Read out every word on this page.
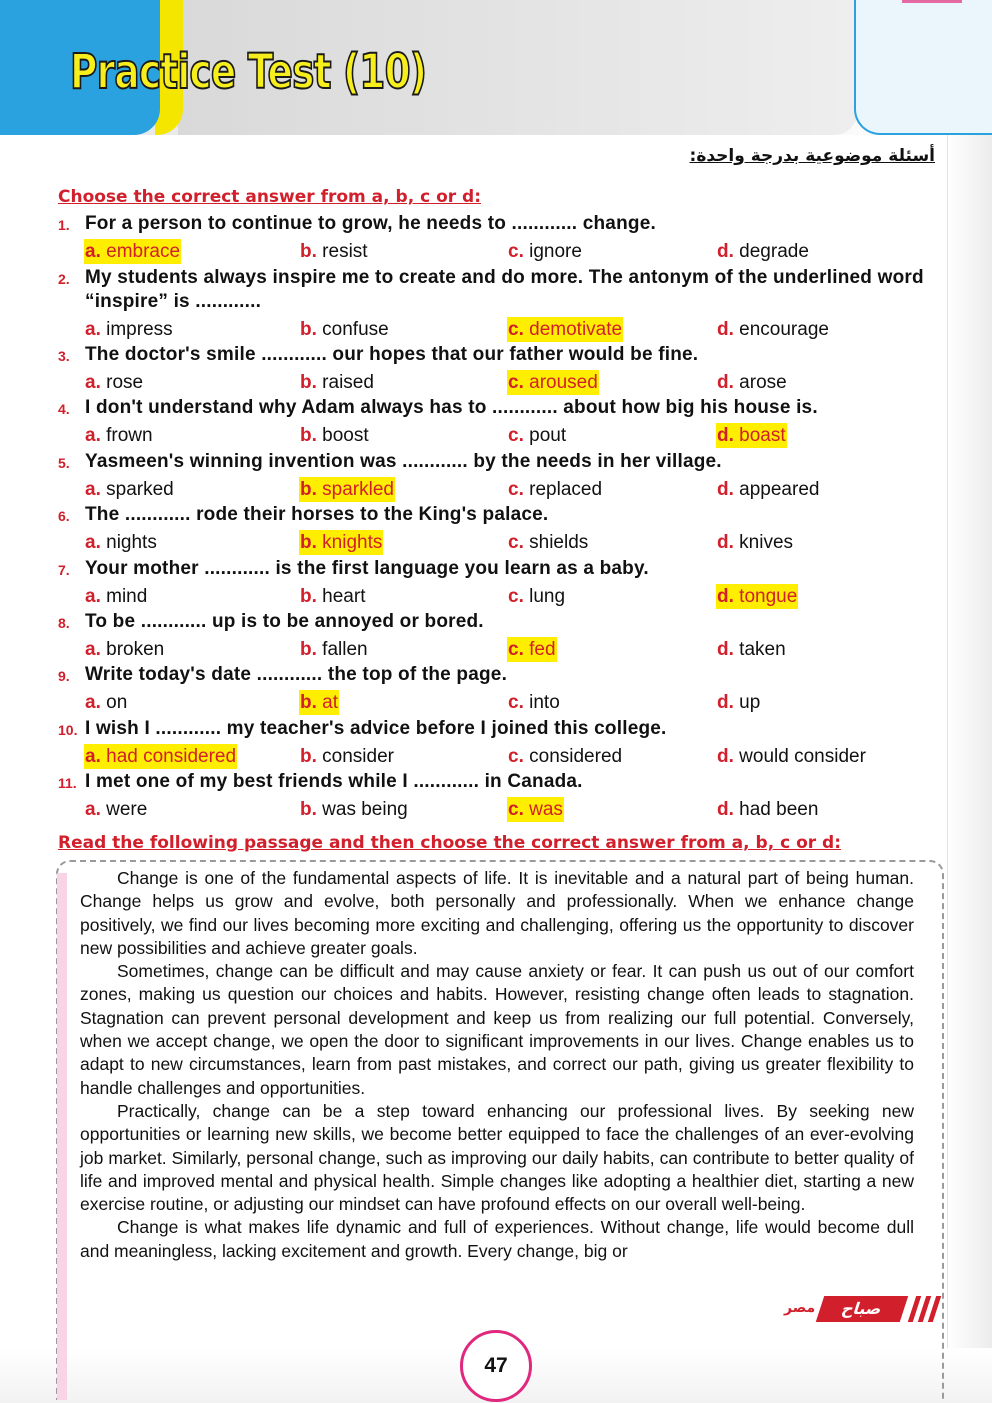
Practice Test (10)
أسئلة موضوعية بدرجة واحدة:
Choose the correct answer from a, b, c or d:
1. For a person to continue to grow, he needs to ............ change.
a. embrace	b. resist	c. ignore	d. degrade
2. My students always inspire me to create and do more. The antonym of the underlined word “inspire” is ............
a. impress	b. confuse	c. demotivate	d. encourage
3. The doctor's smile ............ our hopes that our father would be fine.
a. rose	b. raised	c. aroused	d. arose
4. I don't understand why Adam always has to ............ about how big his house is.
a. frown	b. boost	c. pout	d. boast
5. Yasmeen's winning invention was ............ by the needs in her village.
a. sparked	b. sparkled	c. replaced	d. appeared
6. The ............ rode their horses to the King's palace.
a. nights	b. knights	c. shields	d. knives
7. Your mother ............ is the first language you learn as a baby.
a. mind	b. heart	c. lung	d. tongue
8. To be ............ up is to be annoyed or bored.
a. broken	b. fallen	c. fed	d. taken
9. Write today's date ............ the top of the page.
a. on	b. at	c. into	d. up
10. I wish I ............ my teacher's advice before I joined this college.
a. had considered	b. consider	c. considered	d. would consider
11. I met one of my best friends while I ............ in Canada.
a. were	b. was being	c. was	d. had been
Read the following passage and then choose the correct answer from a, b, c or d:

Change is one of the fundamental aspects of life. It is inevitable and a natural part of being human. Change helps us grow and evolve, both personally and professionally. When we enhance change positively, we find our lives becoming more exciting and challenging, offering us the opportunity to discover new possibilities and achieve greater goals.

Sometimes, change can be difficult and may cause anxiety or fear. It can push us out of our comfort zones, making us question our choices and habits. However, resisting change often leads to stagnation. Stagnation can prevent personal development and keep us from realizing our full potential. Conversely, when we accept change, we open the door to significant improvements in our lives. Change enables us to adapt to new circumstances, learn from past mistakes, and correct our path, giving us greater flexibility to handle challenges and opportunities.

Practically, change can be a step toward enhancing our professional lives. By seeking new opportunities or learning new skills, we become better equipped to face the challenges of an ever-evolving job market. Similarly, personal change, such as improving our daily habits, can contribute to better quality of life and improved mental and physical health. Simple changes like adopting a healthier diet, starting a new exercise routine, or adjusting our mindset can have profound effects on our overall well-being.

Change is what makes life dynamic and full of experiences. Without change, life would become dull and meaningless, lacking excitement and growth. Every change, big or

مصر	صباح
47
